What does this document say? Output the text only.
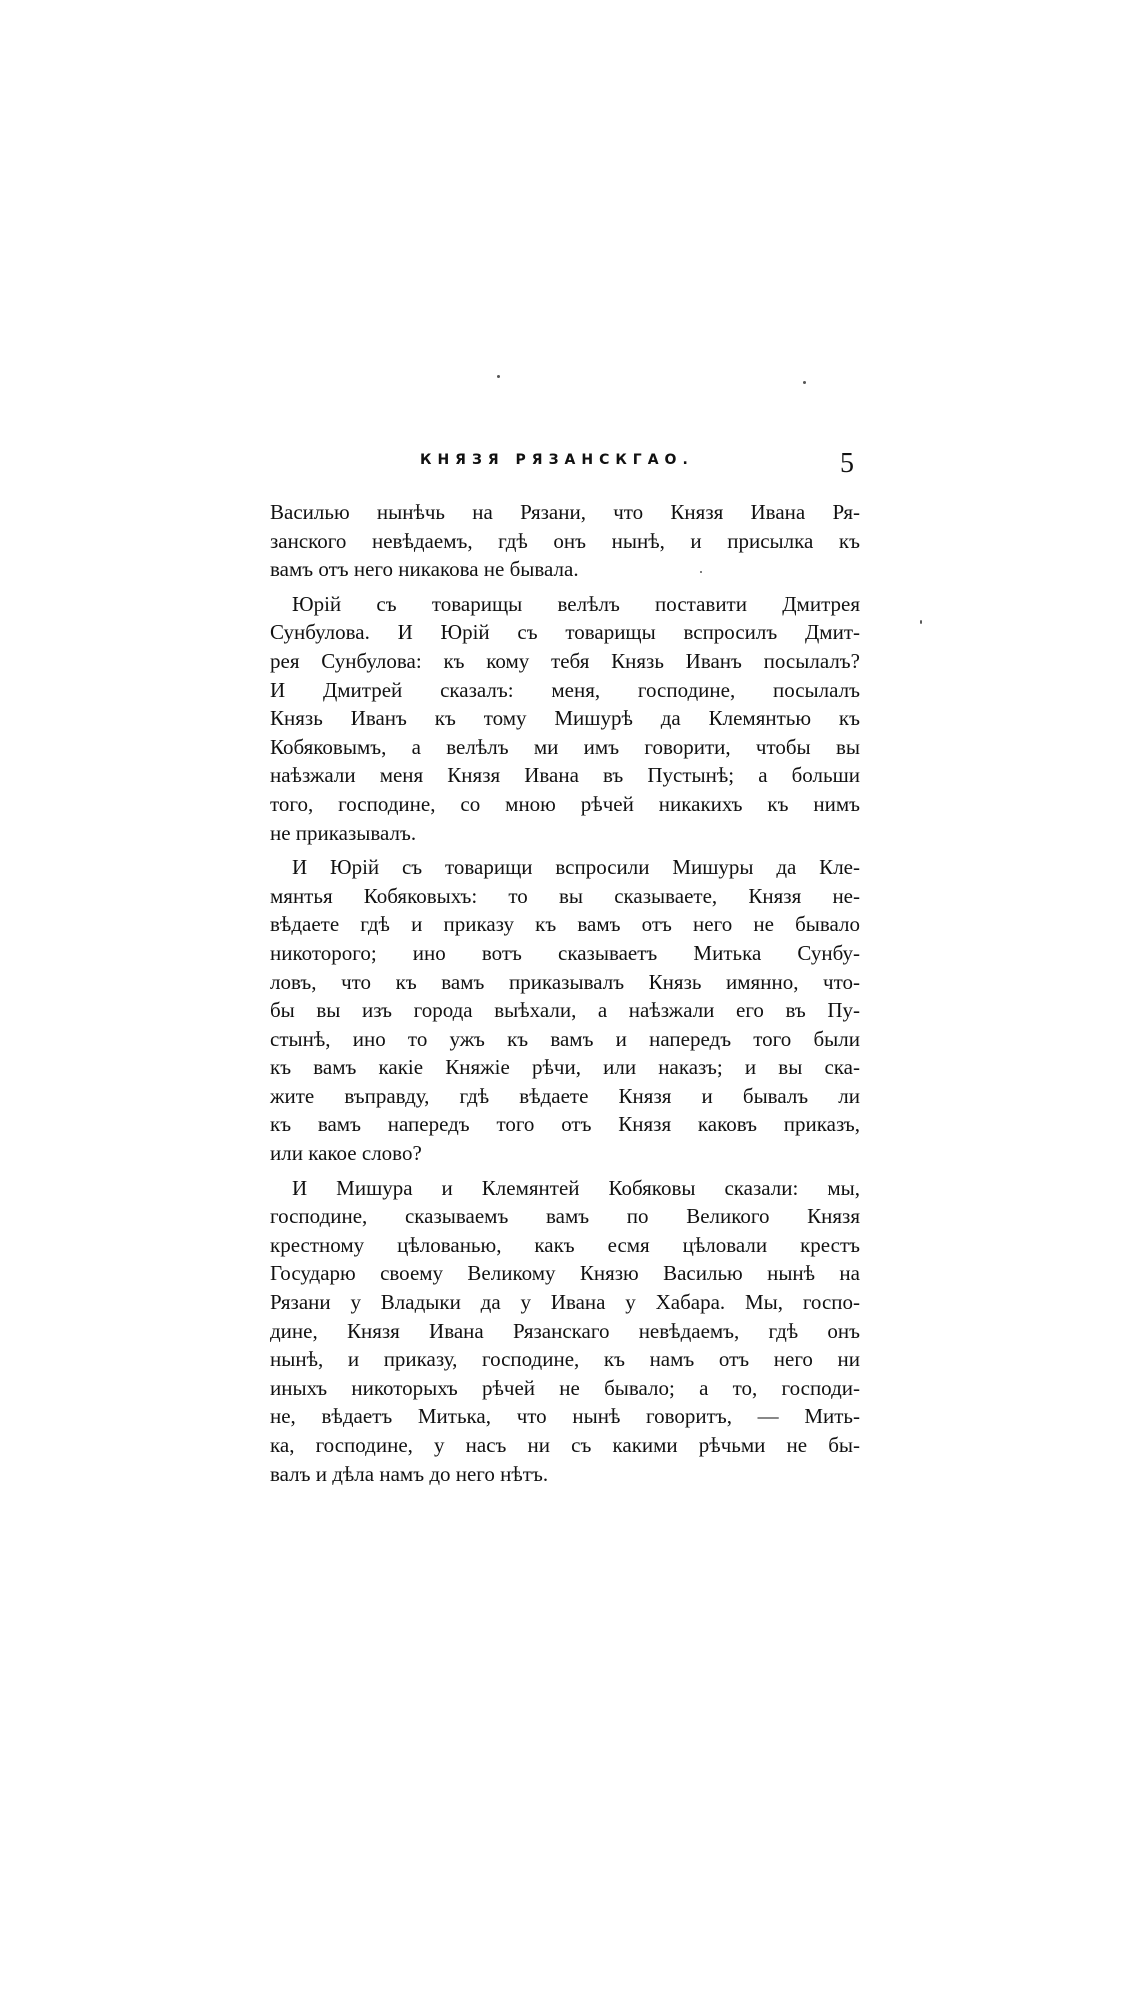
КНЯЗЯ РЯЗАНСКГАО.	5
Василью нынѣчь на Рязани, что Князя Ивана Ря-
занского невѣдаемъ, гдѣ онъ нынѣ, и присылка къ
вамъ отъ него никакова не бывала.
Юрій съ товарищы велѣлъ поставити Дмитрея
Сунбулова. И Юрій съ товарищы вспросилъ Дмит-
рея Сунбулова: къ кому тебя Князь Иванъ посылалъ?
И Дмитрей сказалъ: меня, господине, посылалъ
Князь Иванъ къ тому Мишурѣ да Клемянтью къ
Кобяковымъ, а велѣлъ ми имъ говорити, чтобы вы
наѣзжали меня Князя Ивана въ Пустынѣ; а больши
того, господине, со мною рѣчей никакихъ къ нимъ
не приказывалъ.
И Юрій съ товарищи вспросили Мишуры да Кле-
мянтья Кобяковыхъ: то вы сказываете, Князя не-
вѣдаете гдѣ и приказу къ вамъ отъ него не бывало
никоторого; ино вотъ сказываетъ Митька Сунбу-
ловъ, что къ вамъ приказывалъ Князь имянно, что-
бы вы изъ города выѣхали, а наѣзжали его въ Пу-
стынѣ, ино то ужъ къ вамъ и напередъ того были
къ вамъ какіе Княжіе рѣчи, или наказъ; и вы ска-
жите въправду, гдѣ вѣдаете Князя и бывалъ ли
къ вамъ напередъ того отъ Князя каковъ приказъ,
или какое слово?
И Мишура и Клемянтей Кобяковы сказали: мы,
господине, сказываемъ вамъ по Великого Князя
крестному цѣлованью, какъ есмя цѣловали крестъ
Государю своему Великому Князю Василью нынѣ на
Рязани у Владыки да у Ивана у Хабара. Мы, госпо-
дине, Князя Ивана Рязанскаго невѣдаемъ, гдѣ онъ
нынѣ, и приказу, господине, къ намъ отъ него ни
иныхъ никоторыхъ рѣчей не бывало; а то, господи-
не, вѣдаетъ Митька, что нынѣ говоритъ, — Мить-
ка, господине, у насъ ни съ какими рѣчьми не бы-
валъ и дѣла намъ до него нѣтъ.
